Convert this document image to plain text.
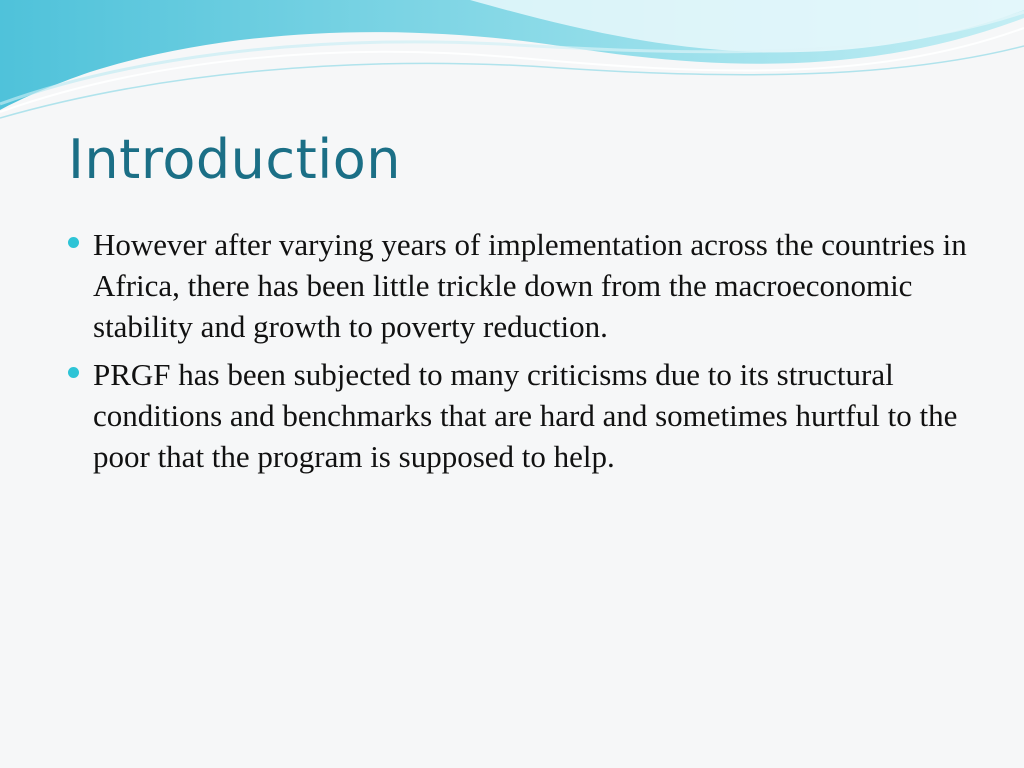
Introduction
However after varying years of implementation across the countries in Africa, there has been little trickle down from the macroeconomic stability and growth to poverty reduction.
PRGF has been subjected to many criticisms due to its structural conditions and benchmarks that are hard and sometimes hurtful to the poor that the program is supposed to help.
